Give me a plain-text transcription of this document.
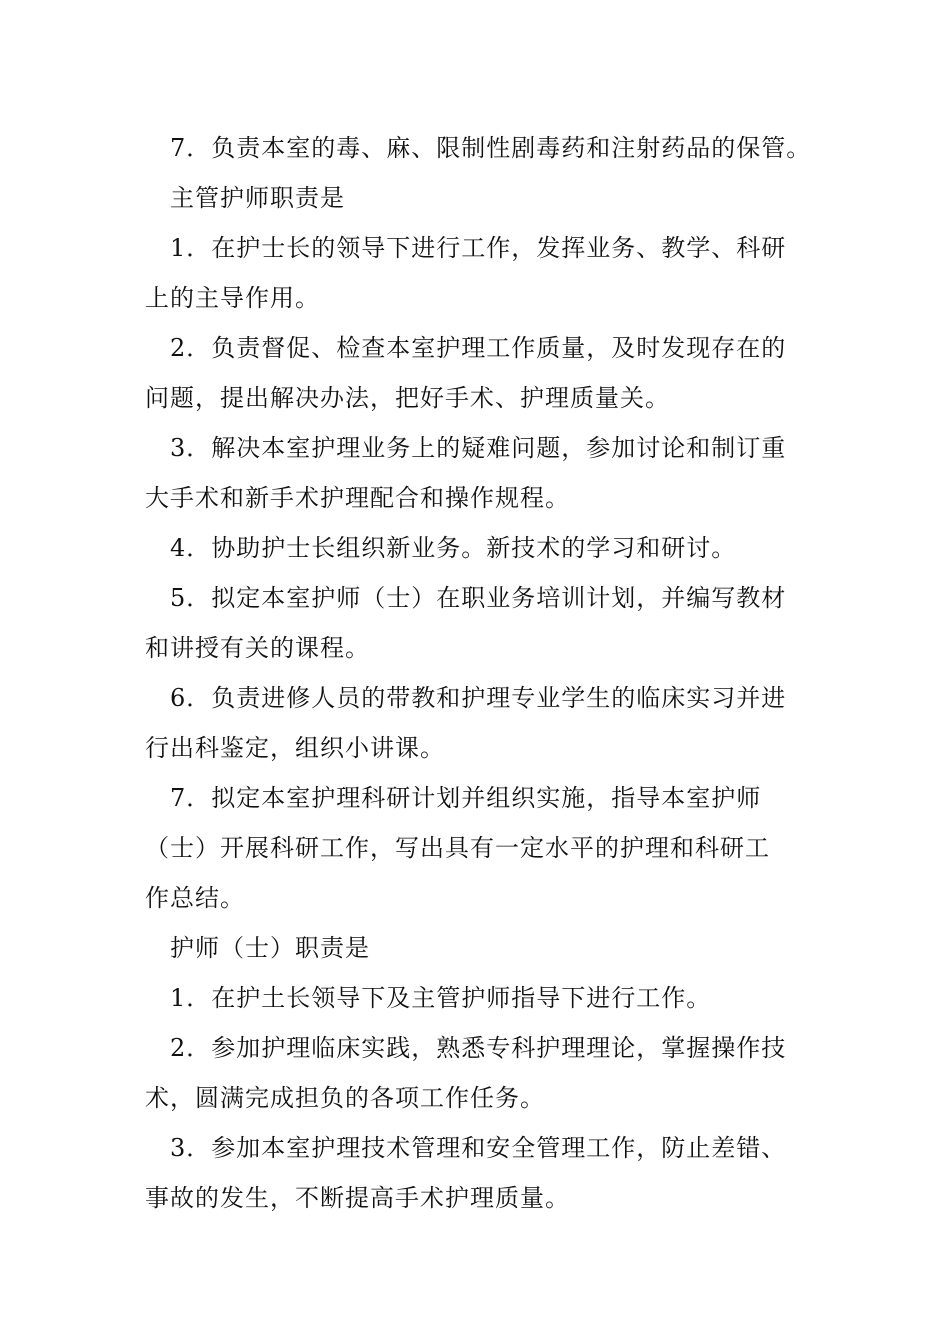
7．负责本室的毒、麻、限制性剧毒药和注射药品的保管。
主管护师职责是
1．在护士长的领导下进行工作，发挥业务、教学、科研
上的主导作用。
2．负责督促、检查本室护理工作质量，及时发现存在的
问题，提出解决办法，把好手术、护理质量关。
3．解决本室护理业务上的疑难问题，参加讨论和制订重
大手术和新手术护理配合和操作规程。
4．协助护士长组织新业务。新技术的学习和研讨。
5．拟定本室护师（士）在职业务培训计划，并编写教材
和讲授有关的课程。
6．负责进修人员的带教和护理专业学生的临床实习并进
行出科鉴定，组织小讲课。
7．拟定本室护理科研计划并组织实施，指导本室护师
（士）开展科研工作，写出具有一定水平的护理和科研工
作总结。
护师（士）职责是
1．在护土长领导下及主管护师指导下进行工作。
2．参加护理临床实践，熟悉专科护理理论，掌握操作技
术，圆满完成担负的各项工作任务。
3．参加本室护理技术管理和安全管理工作，防止差错、
事故的发生，不断提高手术护理质量。
